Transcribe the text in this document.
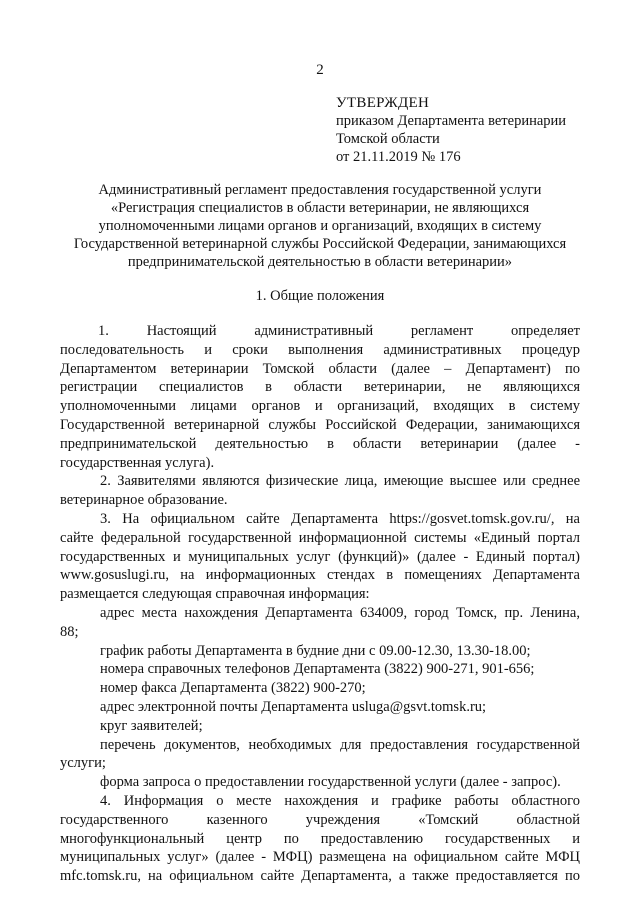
2
УТВЕРЖДЕН
приказом Департамента ветеринарии
Томской области
от 21.11.2019 № 176
Административный регламент предоставления государственной услуги
«Регистрация специалистов в области ветеринарии, не являющихся
уполномоченными лицами органов и организаций, входящих в систему
Государственной ветеринарной службы Российской Федерации, занимающихся
предпринимательской деятельностью в области ветеринарии»
1. Общие положения
1. Настоящий административный регламент определяет
последовательность и сроки выполнения административных процедур
Департаментом ветеринарии Томской области (далее – Департамент) по
регистрации специалистов в области ветеринарии, не являющихся
уполномоченными лицами органов и организаций, входящих в систему
Государственной ветеринарной службы Российской Федерации, занимающихся
предпринимательской деятельностью в области ветеринарии (далее -
государственная услуга).
2. Заявителями являются физические лица, имеющие высшее или среднее
ветеринарное образование.
3. На официальном сайте Департамента https://gosvet.tomsk.gov.ru/, на
сайте федеральной государственной информационной системы «Единый портал
государственных и муниципальных услуг (функций)» (далее - Единый портал)
www.gosuslugi.ru, на информационных стендах в помещениях Департамента
размещается следующая справочная информация:
адрес места нахождения Департамента 634009, город Томск, пр. Ленина,
88;
график работы Департамента в будние дни с 09.00-12.30, 13.30-18.00;
номера справочных телефонов Департамента (3822) 900-271, 901-656;
номер факса Департамента (3822) 900-270;
адрес электронной почты Департамента usluga@gsvt.tomsk.ru;
круг заявителей;
перечень документов, необходимых для предоставления государственной
услуги;
форма запроса о предоставлении государственной услуги (далее - запрос).
4. Информация о месте нахождения и графике работы областного
государственного казенного учреждения «Томский областной
многофункциональный центр по предоставлению государственных и
муниципальных услуг» (далее - МФЦ) размещена на официальном сайте МФЦ
mfc.tomsk.ru, на официальном сайте Департамента, а также предоставляется по
